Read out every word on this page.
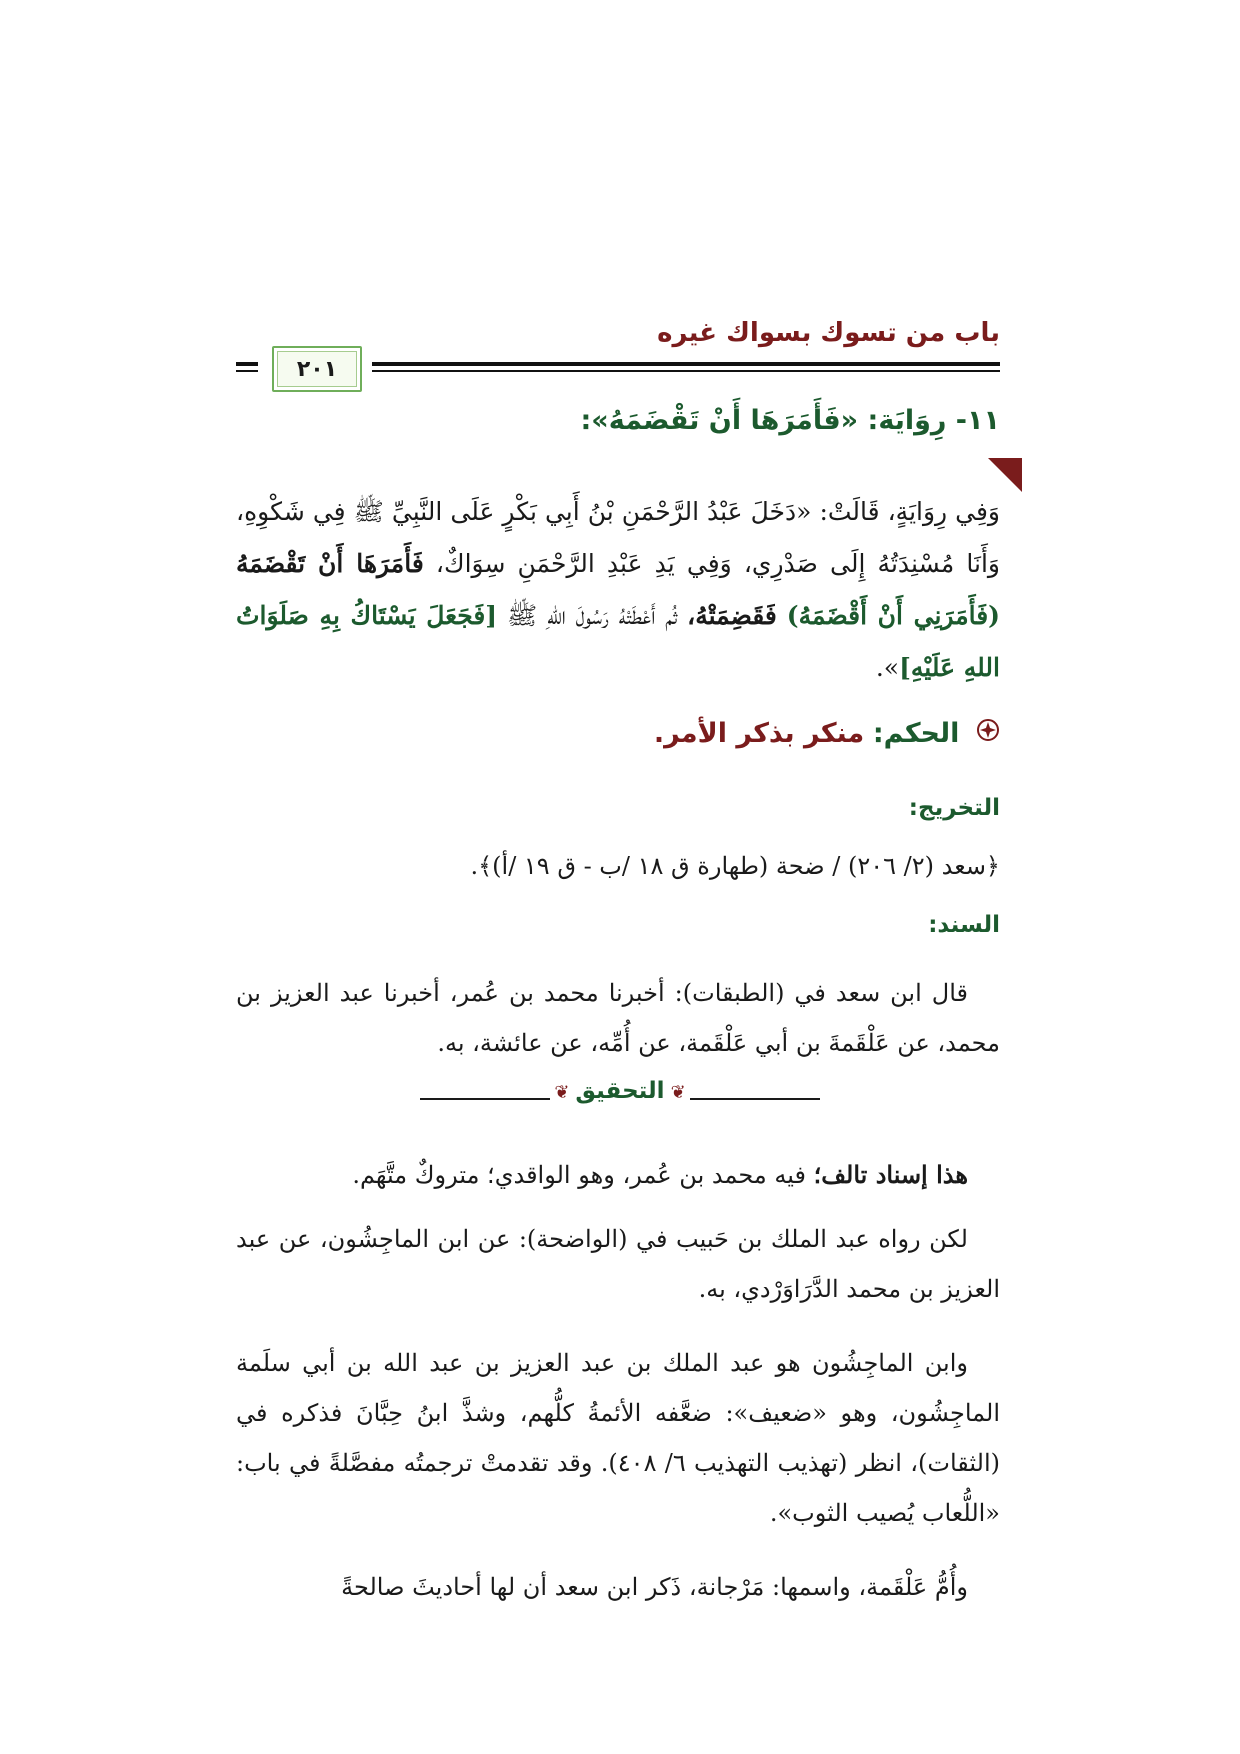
باب من تسوك بسواك غيره
٢٠١
١١- رِوَايَة: «فَأَمَرَهَا أَنْ تَقْضَمَهُ»:
وَفِي رِوَايَةٍ، قَالَتْ: «دَخَلَ عَبْدُ الرَّحْمَنِ بْنُ أَبِي بَكْرٍ عَلَى النَّبِيِّ ﷺ فِي شَكْوِهِ، وَأَنَا مُسْنِدَتُهُ إِلَى صَدْرِي، وَفِي يَدِ عَبْدِ الرَّحْمَنِ سِوَاكٌ، فَأَمَرَهَا أَنْ تَقْضَمَهُ (فَأَمَرَنِي أَنْ أَقْضَمَهُ) فَقَضِمَتْهُ، ثُم أَعْطَتْهُ رَسُولَ اللهِ ﷺ [فَجَعَلَ يَسْتَاكُ بِهِ صَلَوَاتُ اللهِ عَلَيْهِ]».
الحكم: منكر بذكر الأمر.
التخريج:
﴿سعد (٢/ ٢٠٦) / ضحة (طهارة ق ١٨ /ب - ق ١٩ /أ)﴾.
السند:
قال ابن سعد في (الطبقات): أخبرنا محمد بن عُمر، أخبرنا عبد العزيز بن محمد، عن عَلْقَمةَ بن أبي عَلْقَمة، عن أُمِّه، عن عائشة، به.
❦التحقيق❦
هذا إسناد تالف؛ فيه محمد بن عُمر، وهو الواقدي؛ متروكٌ متَّهَم.
لكن رواه عبد الملك بن حَبيب في (الواضحة): عن ابن الماجِشُون، عن عبد العزيز بن محمد الدَّرَاوَرْدي، به.
وابن الماجِشُون هو عبد الملك بن عبد العزيز بن عبد الله بن أبي سلَمة الماجِشُون، وهو «ضعيف»: ضعَّفه الأئمةُ كلُّهم، وشذَّ ابنُ حِبَّانَ فذكره في (الثقات)، انظر (تهذيب التهذيب ٦/ ٤٠٨). وقد تقدمتْ ترجمتُه مفصَّلةً في باب: «اللُّعاب يُصيب الثوب».
وأُمُّ عَلْقَمة، واسمها: مَرْجانة، ذَكر ابن سعد أن لها أحاديثَ صالحةً
